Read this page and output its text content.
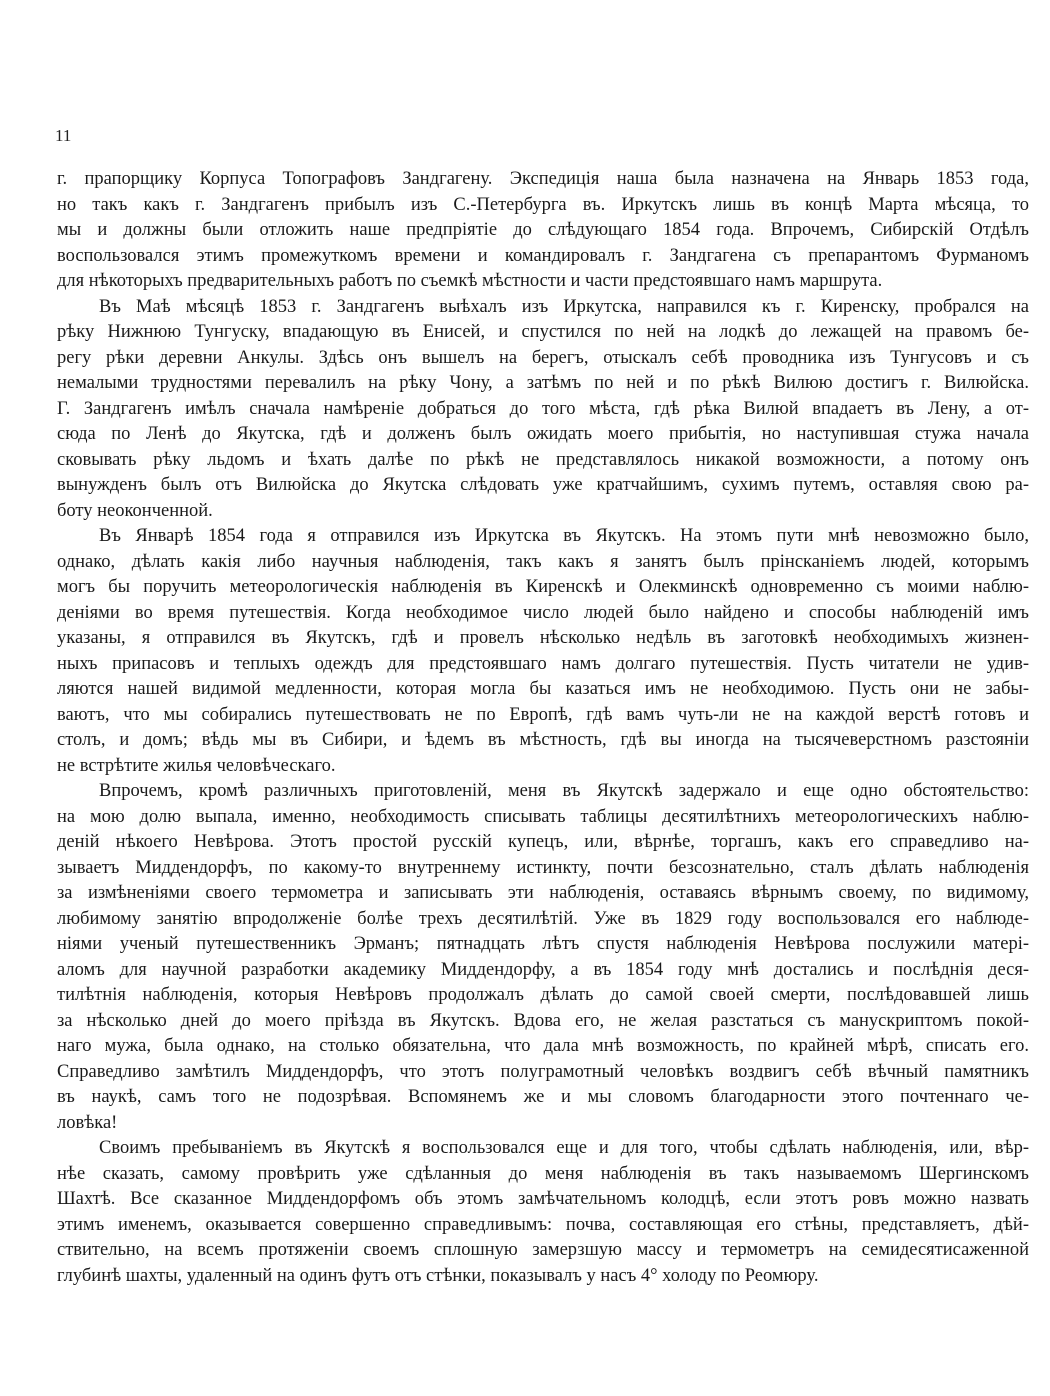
11
г. прапорщику Корпуса Топографовъ Зандгагену. Экспедиція наша была назначена на Январь 1853 года,
но такъ какъ г. Зандгагенъ прибылъ изъ С.-Петербурга въ. Иркутскъ лишь въ концѣ Марта мѣсяца, то
мы и должны были отложить наше предпріятіе до слѣдующаго 1854 года. Впрочемъ, Сибирскій Отдѣлъ
воспользовался этимъ промежуткомъ времени и командировалъ г. Зандгагена съ препарантомъ Фурманомъ
для нѣкоторыхъ предварительныхъ работъ по съемкѣ мѣстности и части предстоявшаго намъ маршрута.
Въ Маѣ мѣсяцѣ 1853 г. Зандгагенъ выѣхалъ изъ Иркутска, направился къ г. Киренску, пробрался на
рѣку Нижнюю Тунгуску, впадающую въ Енисей, и спустился по ней на лодкѣ до лежащей на правомъ бе-
регу рѣки деревни Анкулы. Здѣсь онъ вышелъ на берегъ, отыскалъ себѣ проводника изъ Тунгусовъ и съ
немалыми трудностями перевалилъ на рѣку Чону, а затѣмъ по ней и по рѣкѣ Вилюю достигъ г. Вилюйска.
Г. Зандгагенъ имѣлъ сначала намѣреніе добраться до того мѣста, гдѣ рѣка Вилюй впадаетъ въ Лену, а от-
сюда по Ленѣ до Якутска, гдѣ и долженъ былъ ожидать моего прибытія, но наступившая стужа начала
сковывать рѣку льдомъ и ѣхать далѣе по рѣкѣ не представлялось никакой возможности, а потому онъ
вынужденъ былъ отъ Вилюйска до Якутска слѣдовать уже кратчайшимъ, сухимъ путемъ, оставляя свою ра-
боту неоконченной.
Въ Январѣ 1854 года я отправился изъ Иркутска въ Якутскъ. На этомъ пути мнѣ невозможно было,
однако, дѣлать какія либо научныя наблюденія, такъ какъ я занятъ былъ прінсканіемъ людей, которымъ
могъ бы поручить метеорологическія наблюденія въ Киренскѣ и Олекминскѣ одновременно съ моими наблю-
деніями во время путешествія. Когда необходимое число людей было найдено и способы наблюденій имъ
указаны, я отправился въ Якутскъ, гдѣ и провелъ нѣсколько недѣль въ заготовкѣ необходимыхъ жизнен-
ныхъ припасовъ и теплыхъ одеждъ для предстоявшаго намъ долгаго путешествія. Пусть читатели не удив-
ляются нашей видимой медленности, которая могла бы казаться имъ не необходимою. Пусть они не забы-
ваютъ, что мы собирались путешествовать не по Европѣ, гдѣ вамъ чуть-ли не на каждой верстѣ готовъ и
столъ, и домъ; вѣдь мы въ Сибири, и ѣдемъ въ мѣстность, гдѣ вы иногда на тысячеверстномъ разстояніи
не встрѣтите жилья человѣческаго.
Впрочемъ, кромѣ различныхъ приготовленій, меня въ Якутскѣ задержало и еще одно обстоятельство:
на мою долю выпала, именно, необходимость списывать таблицы десятилѣтнихъ метеорологическихъ наблю-
деній нѣкоего Невѣрова. Этотъ простой русскій купецъ, или, вѣрнѣе, торгашъ, какъ его справедливо на-
зываетъ Миддендорфъ, по какому-то внутреннему истинкту, почти безсознательно, сталъ дѣлать наблюденія
за измѣненіями своего термометра и записывать эти наблюденія, оставаясь вѣрнымъ своему, по видимому,
любимому занятію впродолженіе болѣе трехъ десятилѣтій. Уже въ 1829 году воспользовался его наблюде-
ніями ученый путешественникъ Эрманъ; пятнадцать лѣтъ спустя наблюденія Невѣрова послужили матері-
аломъ для научной разработки академику Миддендорфу, а въ 1854 году мнѣ достались и послѣднія деся-
тилѣтнія наблюденія, которыя Невѣровъ продолжалъ дѣлать до самой своей смерти, послѣдовавшей лишь
за нѣсколько дней до моего пріѣзда въ Якутскъ. Вдова его, не желая разстаться съ манускриптомъ покой-
наго мужа, была однако, на столько обязательна, что дала мнѣ возможность, по крайней мѣрѣ, списать его.
Справедливо замѣтилъ Миддендорфъ, что этотъ полуграмотный человѣкъ воздвигъ себѣ вѣчный памятникъ
въ наукѣ, самъ того не подозрѣвая. Вспомянемъ же и мы словомъ благодарности этого почтеннаго че-
ловѣка!
Своимъ пребываніемъ въ Якутскѣ я воспользовался еще и для того, чтобы сдѣлать наблюденія, или, вѣр-
нѣе сказать, самому провѣрить уже сдѣланныя до меня наблюденія въ такъ называемомъ Шергинскомъ
Шахтѣ. Все сказанное Миддендорфомъ объ этомъ замѣчательномъ колодцѣ, если этотъ ровъ можно назвать
этимъ именемъ, оказывается совершенно справедливымъ: почва, составляющая его стѣны, представляетъ, дѣй-
ствительно, на всемъ протяженіи своемъ сплошную замерзшую массу и термометръ на семидесятисаженной
глубинѣ шахты, удаленный на одинъ футъ отъ стѣнки, показывалъ у насъ 4° холоду по Реомюру.
